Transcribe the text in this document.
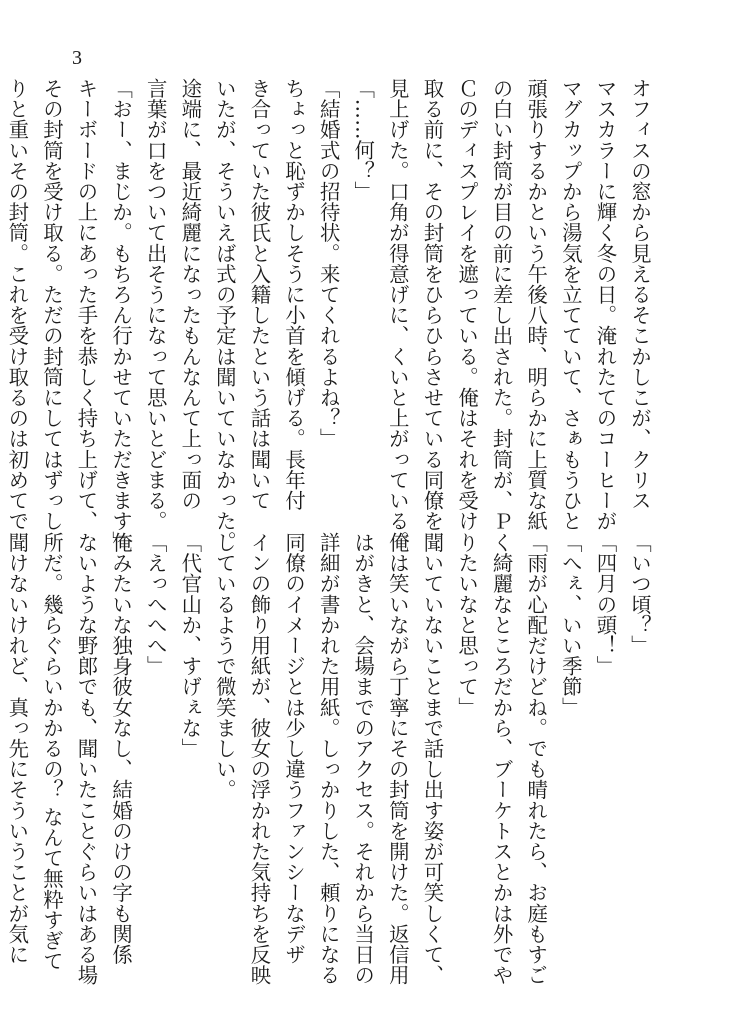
3
オフィスの窓から見えるそこかしこが、クリス
マスカラーに輝く冬の日。淹れたてのコーヒーが
マグカップから湯気を立てていて、さぁもうひと
頑張りするかという午後八時、明らかに上質な紙
の白い封筒が目の前に差し出された。封筒が、Ｐ
Ｃのディスプレイを遮っている。俺はそれを受け
取る前に、その封筒をひらひらさせている同僚を
見上げた。口角が得意げに、くいと上がっている。
「……何？」
「結婚式の招待状。来てくれるよね？」
ちょっと恥ずかしそうに小首を傾げる。長年付
き合っていた彼氏と入籍したという話は聞いて
いたが、そういえば式の予定は聞いていなかった。
途端に、最近綺麗になったもんなんて上っ面の
言葉が口をついて出そうになって思いとどまる。
「おー、まじか。もちろん行かせていただきます」
キーボードの上にあった手を恭しく持ち上げて、
その封筒を受け取る。ただの封筒にしてはずっし
りと重いその封筒。これを受け取るのは初めてで
「いつ頃？」
「四月の頭！」
「へぇ、いい季節」
「雨が心配だけどね。でも晴れたら、お庭もすご
く綺麗なところだから、ブーケトスとかは外でや
りたいなと思って」
聞いていないことまで話し出す姿が可笑しくて、
俺は笑いながら丁寧にその封筒を開けた。返信用
はがきと、会場までのアクセス。それから当日の
詳細が書かれた用紙。しっかりした、頼りになる
同僚のイメージとは少し違うファンシーなデザ
インの飾り用紙が、彼女の浮かれた気持ちを反映
しているようで微笑ましい。
「代官山か、すげぇな」
「えっへへへ」
俺みたいな独身彼女なし、結婚のけの字も関係
ないような野郎でも、聞いたことぐらいはある場
所だ。幾らぐらいかかるの？ なんて無粋すぎて
聞けないけれど、真っ先にそういうことが気に
